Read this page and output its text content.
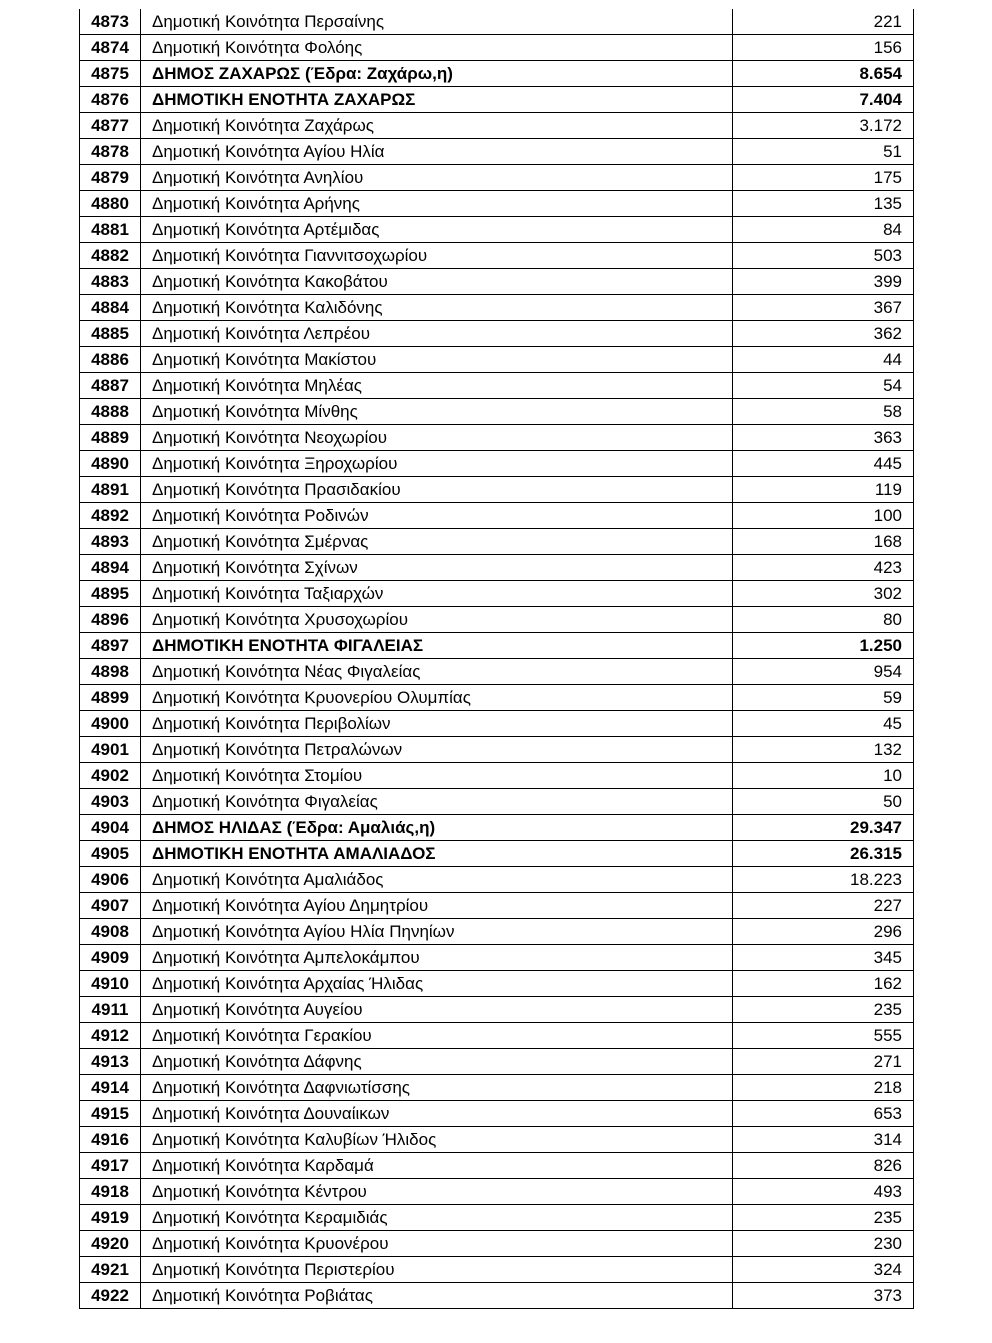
4873	Δημοτική Κοινότητα Περσαίνης	221
4874	Δημοτική Κοινότητα Φολόης	156
4875	ΔΗΜΟΣ ΖΑΧΑΡΩΣ (Έδρα: Ζαχάρω,η)	8.654
4876	ΔΗΜΟΤΙΚΗ ΕΝΟΤΗΤΑ ΖΑΧΑΡΩΣ	7.404
4877	Δημοτική Κοινότητα Ζαχάρως	3.172
4878	Δημοτική Κοινότητα Αγίου Ηλία	51
4879	Δημοτική Κοινότητα Ανηλίου	175
4880	Δημοτική Κοινότητα Αρήνης	135
4881	Δημοτική Κοινότητα Αρτέμιδας	84
4882	Δημοτική Κοινότητα Γιαννιτσοχωρίου	503
4883	Δημοτική Κοινότητα Κακοβάτου	399
4884	Δημοτική Κοινότητα Καλιδόνης	367
4885	Δημοτική Κοινότητα Λεπρέου	362
4886	Δημοτική Κοινότητα Μακίστου	44
4887	Δημοτική Κοινότητα Μηλέας	54
4888	Δημοτική Κοινότητα Μίνθης	58
4889	Δημοτική Κοινότητα Νεοχωρίου	363
4890	Δημοτική Κοινότητα Ξηροχωρίου	445
4891	Δημοτική Κοινότητα Πρασιδακίου	119
4892	Δημοτική Κοινότητα Ροδινών	100
4893	Δημοτική Κοινότητα Σμέρνας	168
4894	Δημοτική Κοινότητα Σχίνων	423
4895	Δημοτική Κοινότητα Ταξιαρχών	302
4896	Δημοτική Κοινότητα Χρυσοχωρίου	80
4897	ΔΗΜΟΤΙΚΗ ΕΝΟΤΗΤΑ ΦΙΓΑΛΕΙΑΣ	1.250
4898	Δημοτική Κοινότητα Νέας Φιγαλείας	954
4899	Δημοτική Κοινότητα Κρυονερίου Ολυμπίας	59
4900	Δημοτική Κοινότητα Περιβολίων	45
4901	Δημοτική Κοινότητα Πετραλώνων	132
4902	Δημοτική Κοινότητα Στομίου	10
4903	Δημοτική Κοινότητα Φιγαλείας	50
4904	ΔΗΜΟΣ ΗΛΙΔΑΣ (Έδρα: Αμαλιάς,η)	29.347
4905	ΔΗΜΟΤΙΚΗ ΕΝΟΤΗΤΑ ΑΜΑΛΙΑΔΟΣ	26.315
4906	Δημοτική Κοινότητα Αμαλιάδος	18.223
4907	Δημοτική Κοινότητα Αγίου Δημητρίου	227
4908	Δημοτική Κοινότητα Αγίου Ηλία Πηνηίων	296
4909	Δημοτική Κοινότητα Αμπελοκάμπου	345
4910	Δημοτική Κοινότητα Αρχαίας Ήλιδας	162
4911	Δημοτική Κοινότητα Αυγείου	235
4912	Δημοτική Κοινότητα Γερακίου	555
4913	Δημοτική Κοινότητα Δάφνης	271
4914	Δημοτική Κοινότητα Δαφνιωτίσσης	218
4915	Δημοτική Κοινότητα Δουναίικων	653
4916	Δημοτική Κοινότητα Καλυβίων Ήλιδος	314
4917	Δημοτική Κοινότητα Καρδαμά	826
4918	Δημοτική Κοινότητα Κέντρου	493
4919	Δημοτική Κοινότητα Κεραμιδιάς	235
4920	Δημοτική Κοινότητα Κρυονέρου	230
4921	Δημοτική Κοινότητα Περιστερίου	324
4922	Δημοτική Κοινότητα Ροβιάτας	373
